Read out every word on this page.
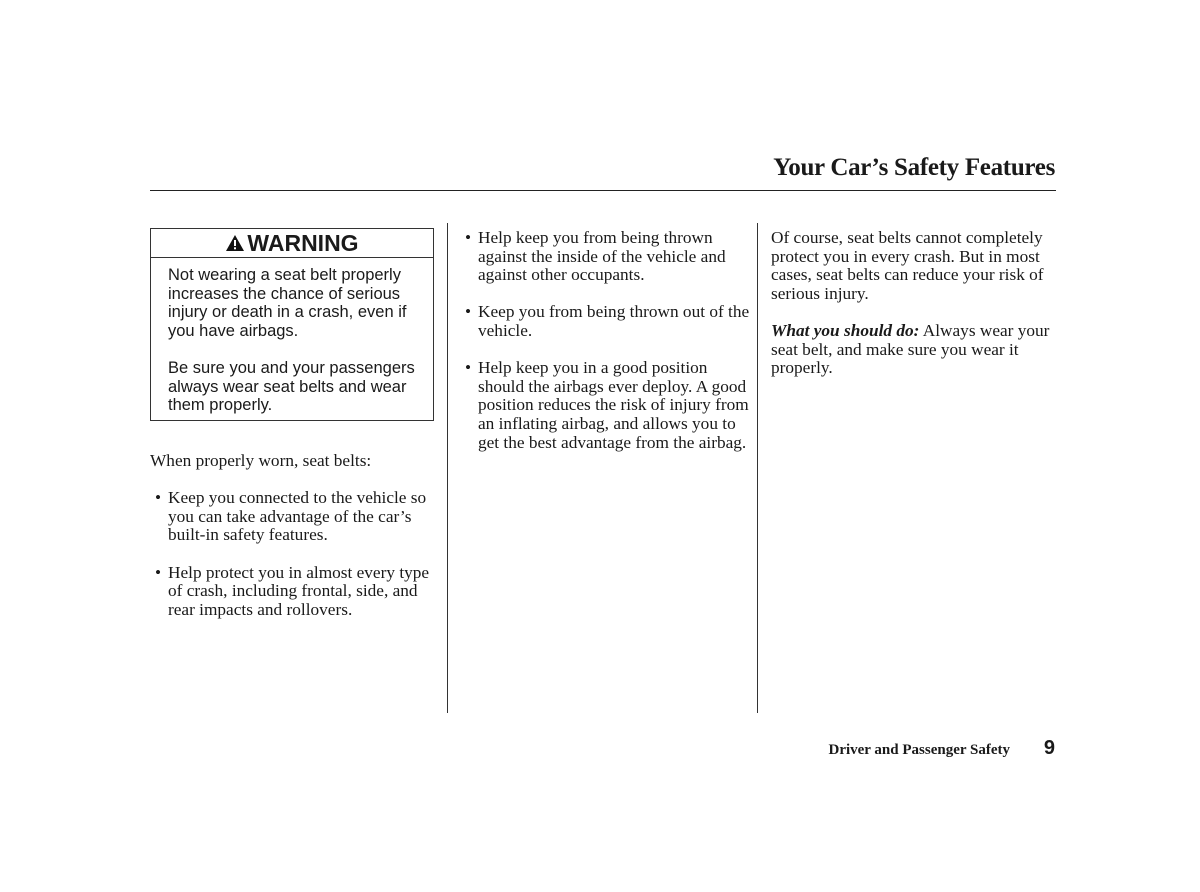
Your Car’s Safety Features
WARNING

Not wearing a seat belt properly increases the chance of serious injury or death in a crash, even if you have airbags.

Be sure you and your passengers always wear seat belts and wear them properly.

When properly worn, seat belts:

• Keep you connected to the vehicle so you can take advantage of the car’s built-in safety features.
• Help protect you in almost every type of crash, including frontal, side, and rear impacts and rollovers.
• Help keep you from being thrown against the inside of the vehicle and against other occupants.
• Keep you from being thrown out of the vehicle.
• Help keep you in a good position should the airbags ever deploy. A good position reduces the risk of injury from an inflating airbag, and allows you to get the best advantage from the airbag.

Of course, seat belts cannot completely protect you in every crash. But in most cases, seat belts can reduce your risk of serious injury.

What you should do: Always wear your seat belt, and make sure you wear it properly.

Driver and Passenger Safety 9
